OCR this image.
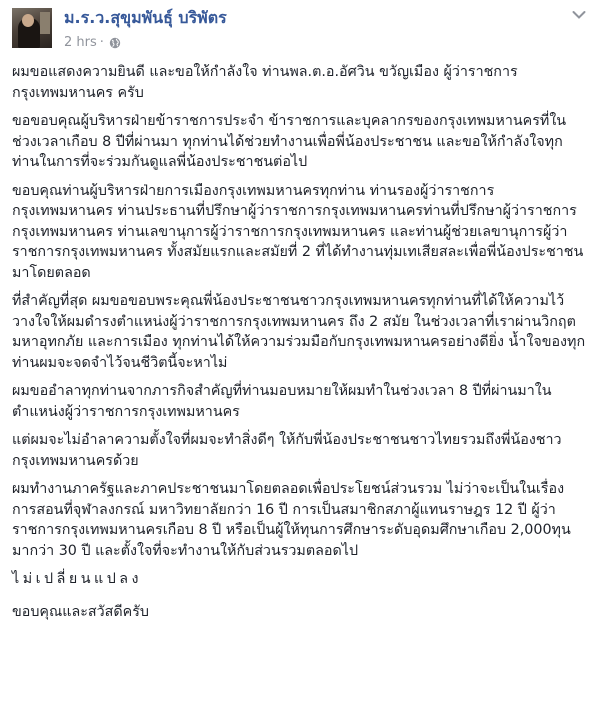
ม.ร.ว.สุขุมพันธุ์ บริพัตร
2 hrs ·

ผมขอแสดงความยินดี และขอให้กำลังใจ ท่านพล.ต.อ.อัศวิน ขวัญเมือง ผู้ว่าราชการกรุงเทพมหานคร ครับ

ขอขอบคุณผู้บริหารฝ่ายข้าราชการประจำ ข้าราชการและบุคลากรของกรุงเทพมหานครที่ในช่วงเวลาเกือบ 8 ปีที่ผ่านมา ทุกท่านได้ช่วยทำงานเพื่อพี่น้องประชาชน และขอให้กำลังใจทุกท่านในการที่จะร่วมกันดูแลพี่น้องประชาชนต่อไป

ขอบคุณท่านผู้บริหารฝ่ายการเมืองกรุงเทพมหานครทุกท่าน ท่านรองผู้ว่าราชการกรุงเทพมหานคร ท่านประธานที่ปรึกษาผู้ว่าราชการกรุงเทพมหานครท่านที่ปรึกษาผู้ว่าราชการกรุงเทพมหานคร ท่านเลขานุการผู้ว่าราชการกรุงเทพมหานคร และท่านผู้ช่วยเลขานุการผู้ว่าราชการกรุงเทพมหานคร ทั้งสมัยแรกและสมัยที่ 2 ที่ได้ทำงานทุ่มเทเสียสละเพื่อพี่น้องประชาชนมาโดยตลอด

ที่สำคัญที่สุด ผมขอขอบพระคุณพี่น้องประชาชนชาวกรุงเทพมหานครทุกท่านที่ได้ให้ความไว้วางใจให้ผมดำรงตำแหน่งผู้ว่าราชการกรุงเทพมหานคร ถึง 2 สมัย ในช่วงเวลาที่เราผ่านวิกฤตมหาอุทกภัย และการเมือง ทุกท่านได้ให้ความร่วมมือกับกรุงเทพมหานครอย่างดียิ่ง น้ำใจของทุกท่านผมจะจดจำไว้จนชีวิตนี้จะหาไม่

ผมขออำลาทุกท่านจากภารกิจสำคัญที่ท่านมอบหมายให้ผมทำในช่วงเวลา 8 ปีที่ผ่านมาในตำแหน่งผู้ว่าราชการกรุงเทพมหานคร

แต่ผมจะไม่อำลาความตั้งใจที่ผมจะทำสิ่งดีๆ ให้กับพี่น้องประชาชนชาวไทยรวมถึงพี่น้องชาวกรุงเทพมหานครด้วย

ผมทำงานภาครัฐและภาคประชาชนมาโดยตลอดเพื่อประโยชน์ส่วนรวม ไม่ว่าจะเป็นในเรื่องการสอนที่จุฬาลงกรณ์ มหาวิทยาลัยกว่า 16 ปี การเป็นสมาชิกสภาผู้แทนราษฎร 12 ปี ผู้ว่าราชการกรุงเทพมหานครเกือบ 8 ปี หรือเป็นผู้ให้ทุนการศึกษาระดับอุดมศึกษาเกือบ 2,000ทุนมากว่า 30 ปี และตั้งใจที่จะทำงานให้กับส่วนรวมตลอดไป

ไม่เปลี่ยนแปลง

ขอบคุณและสวัสดีครับ
